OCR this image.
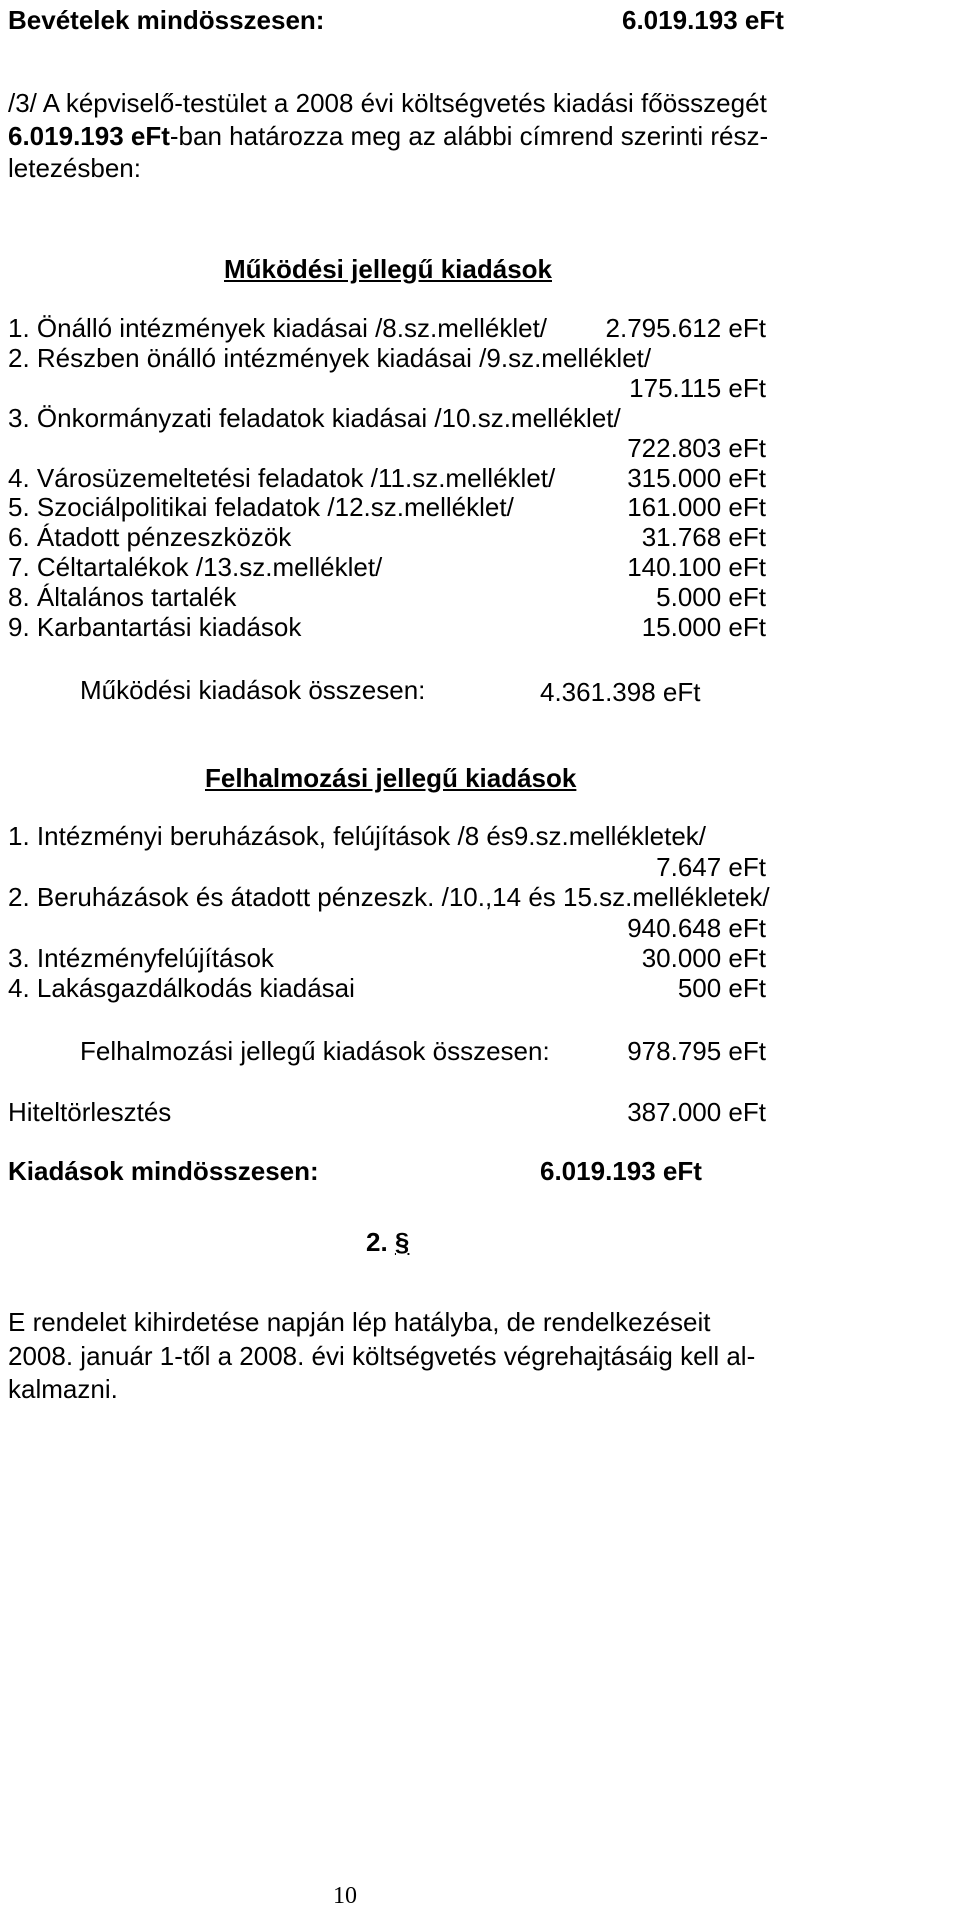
Bevételek mindösszesen:	6.019.193 eFt
/3/ A képviselő-testület a 2008 évi költségvetés kiadási főösszegét
6.019.193 eFt-ban határozza meg az alábbi címrend szerinti rész-
letezésben:
Működési jellegű kiadások
1. Önálló intézmények kiadásai /8.sz.melléklet/ 2.795.612 eFt
2. Részben önálló intézmények kiadásai /9.sz.melléklet/
175.115 eFt
3. Önkormányzati feladatok kiadásai /10.sz.melléklet/
722.803 eFt
4. Városüzemeltetési feladatok /11.sz.melléklet/	315.000 eFt
5. Szociálpolitikai feladatok /12.sz.melléklet/	161.000 eFt
6. Átadott pénzeszközök	31.768 eFt
7. Céltartalékok /13.sz.melléklet/	140.100 eFt
8. Általános tartalék	5.000 eFt
9. Karbantartási kiadások	15.000 eFt
Működési kiadások összesen:	4.361.398 eFt
Felhalmozási jellegű kiadások
1. Intézményi beruházások, felújítások /8 és9.sz.mellékletek/
7.647 eFt
2. Beruházások és átadott pénzeszk. /10.,14 és 15.sz.mellékletek/
940.648 eFt
3. Intézményfelújítások	30.000 eFt
4. Lakásgazdálkodás kiadásai	500 eFt
Felhalmozási jellegű kiadások összesen:	978.795 eFt
Hiteltörlesztés	387.000 eFt
Kiadások mindösszesen:	6.019.193 eFt
2. §
E rendelet kihirdetése napján lép hatályba, de rendelkezéseit
2008. január 1-től a 2008. évi költségvetés végrehajtásáig kell al-
kalmazni.
10
